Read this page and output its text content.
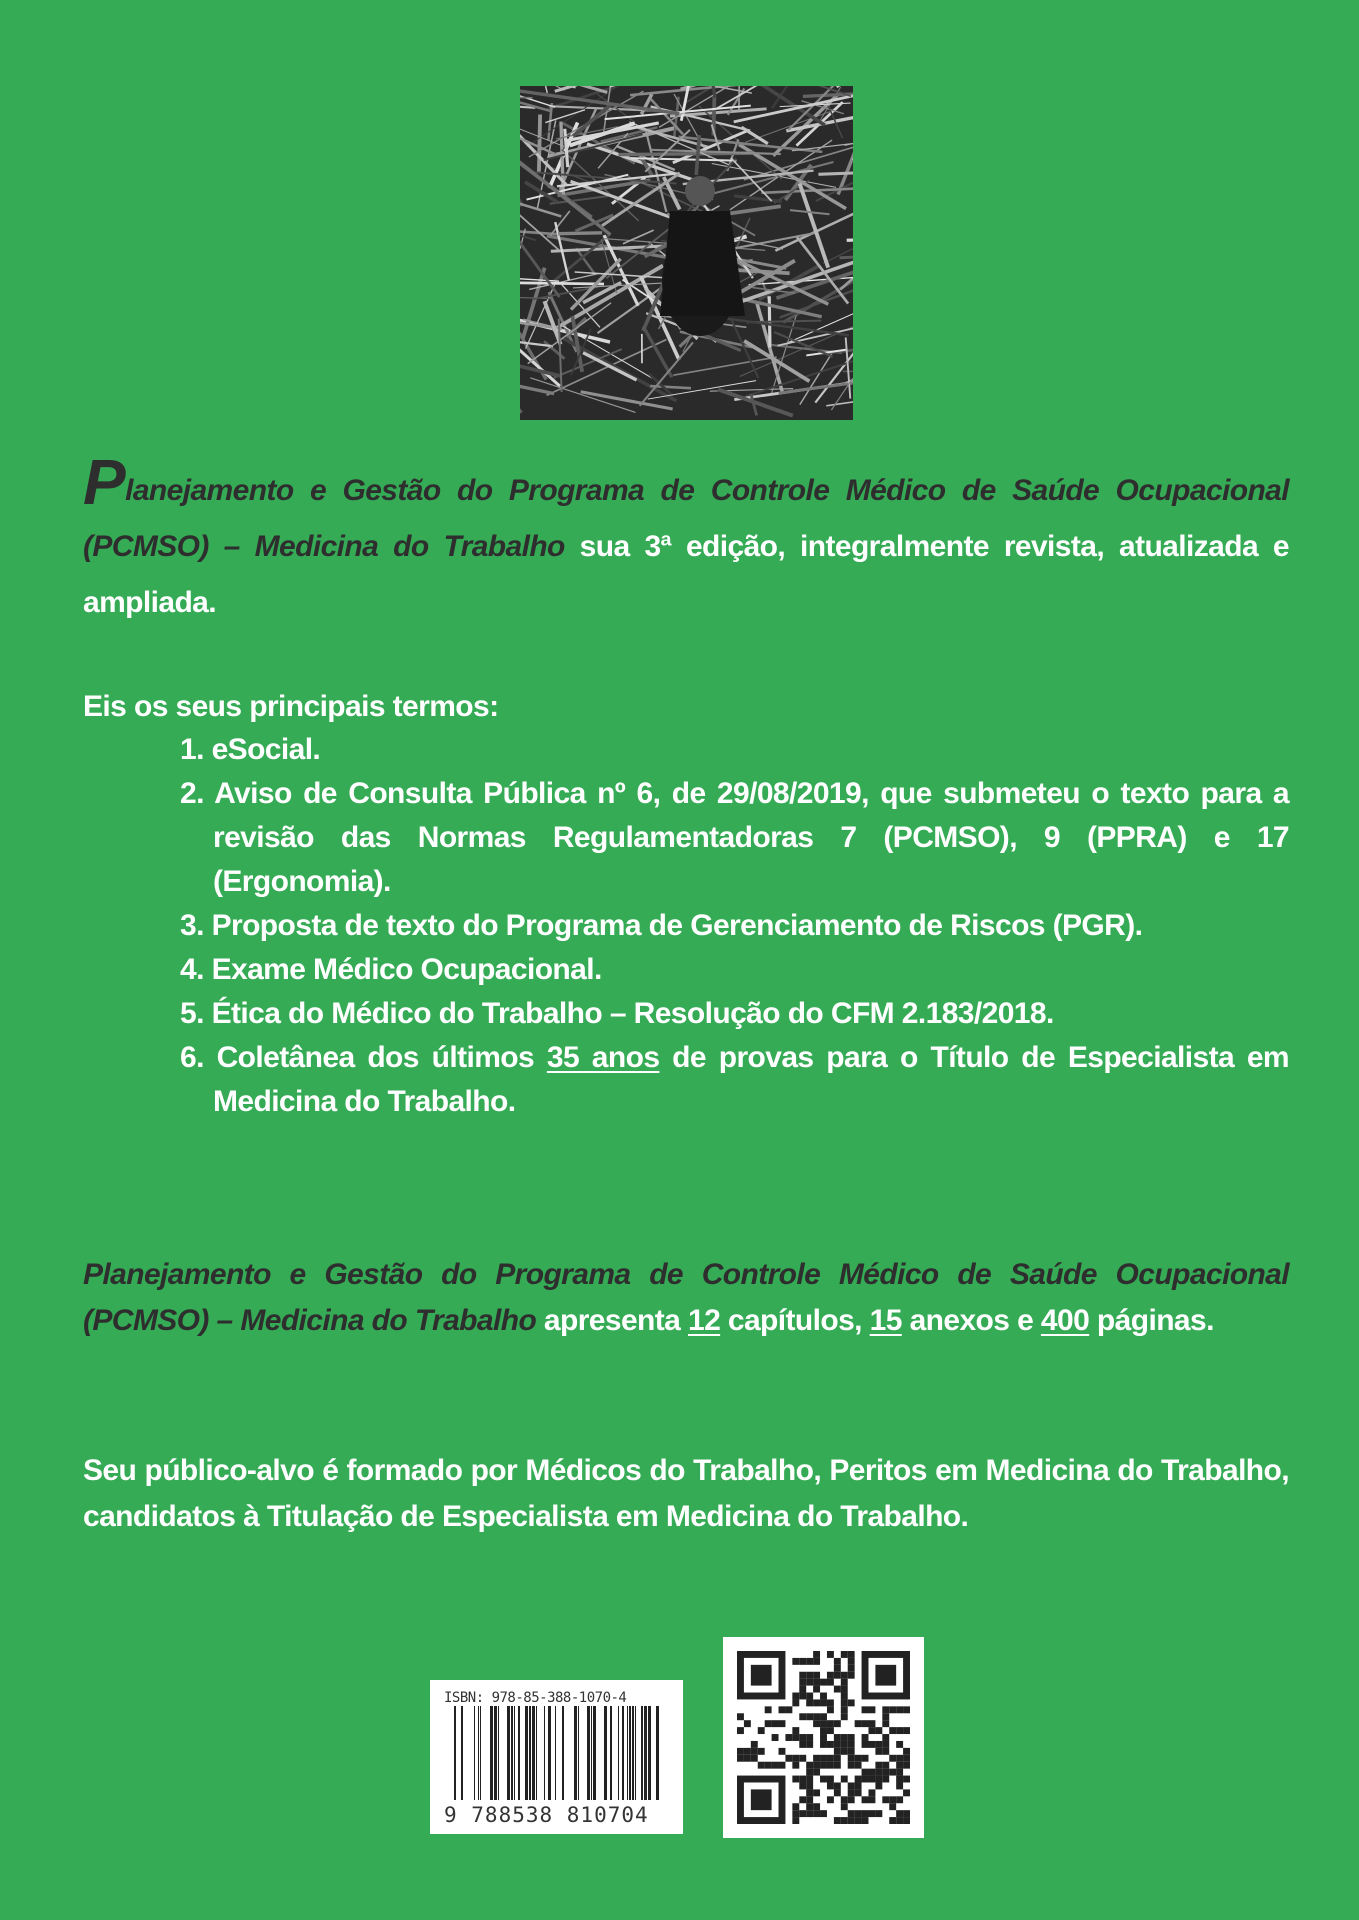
Planejamento e Gestão do Programa de Controle Médico de Saúde Ocupacional (PCMSO) – Medicina do Trabalho sua 3ª edição, integralmente revista, atualizada e ampliada.
Eis os seus principais termos:
1. eSocial.
2. Aviso de Consulta Pública nº 6, de 29/08/2019, que submeteu o texto para a revisão das Normas Regulamentadoras 7 (PCMSO), 9 (PPRA) e 17 (Ergonomia).
3. Proposta de texto do Programa de Gerenciamento de Riscos (PGR).
4. Exame Médico Ocupacional.
5. Ética do Médico do Trabalho – Resolução do CFM 2.183/2018.
6. Coletânea dos últimos 35 anos de provas para o Título de Especialista em Medicina do Trabalho.
Planejamento e Gestão do Programa de Controle Médico de Saúde Ocupacional (PCMSO) – Medicina do Trabalho apresenta 12 capítulos, 15 anexos e 400 páginas.
Seu público-alvo é formado por Médicos do Trabalho, Peritos em Medicina do Trabalho, candidatos à Titulação de Especialista em Medicina do Trabalho.
ISBN: 978-85-388-1070-4
9 788538 810704
